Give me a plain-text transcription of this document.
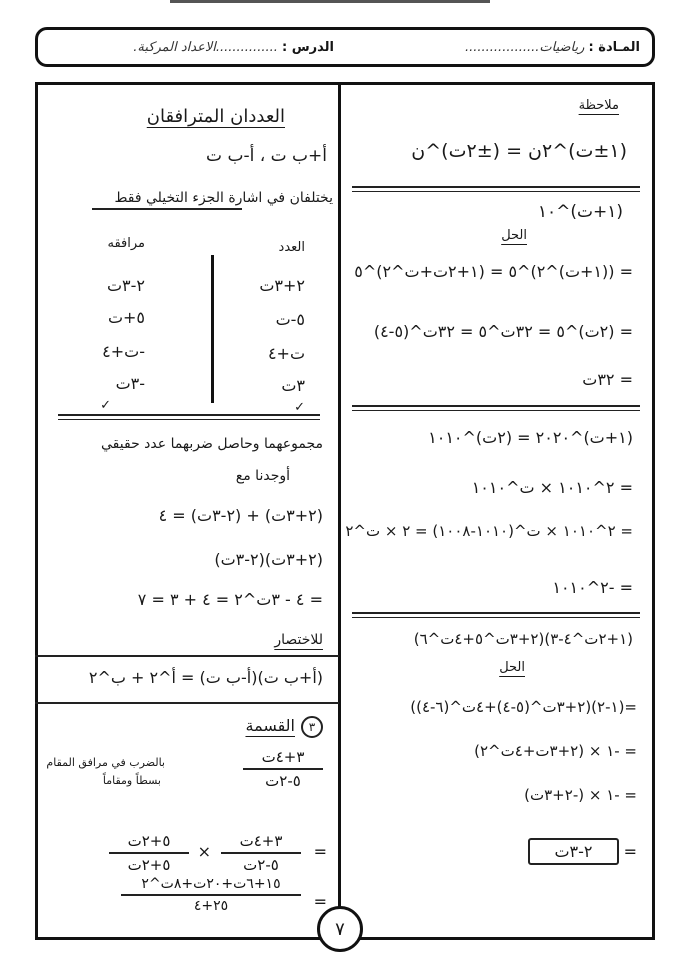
المـادة : رياضيات..................
الدرس : ...............الاعداد المركبة.
ملاحظة
(١±ت)^٢ن = (±٢ت)^ن
(١+ت)^١٠
الحل
= ((١+ت)^٢)^٥ = (١+٢ت+ت^٢)^٥
= (٢ت)^٥ = ٣٢ت^٥ = ٣٢ت^(٥-٤)
= ٣٢ت
(١+ت)^٢٠٢٠ = (٢ت)^١٠١٠
= ٢^١٠١٠ × ت^١٠١٠
= ٢^١٠١٠ × ت^(١٠١٠-١٠٠٨) = ٢ × ت^٢
= -٢^١٠١٠
(١+٢ت^٤-٣)(٢+٣ت^٥+٤ت^٦)
الحل
=(١-٢)(٢+٣ت^(٥-٤)+٤ت^(٦-٤))
= -١ × (٢+٣ت+٤ت^٢)
= -١ × (-٢+٣ت)
= ٢-٣ت
العددان المترافقان
أ+ب ت ، أ-ب ت
يختلفان في اشارة الجزء التخيلي فقط
العدد
مرافقه
٢+٣ت
٢-٣ت
٥-ت
٥+ت
ت+٤
-ت+٤
٣ت
-٣ت
✓
✓
مجموعهما وحاصل ضربهما عدد حقيقي
أوجدنا مع
(٢+٣ت) + (٢-٣ت) = ٤
(٢+٣ت)(٢-٣ت)
= ٤ - ٣ت^٢ = ٤ + ٣ = ٧
للاختصار
(أ+ب ت)(أ-ب ت) = أ^٢ + ب^٢
٣القسمة
بالضرب في مرافق المقام
بسطاً ومقاماً
٣+٤ت
٥-٢ت
=
٣+٤ت
٥-٢ت
×
٥+٢ت
٥+٢ت
=
١٥+٦ت+٢٠ت+٨ت^٢
٢٥+٤
٧
